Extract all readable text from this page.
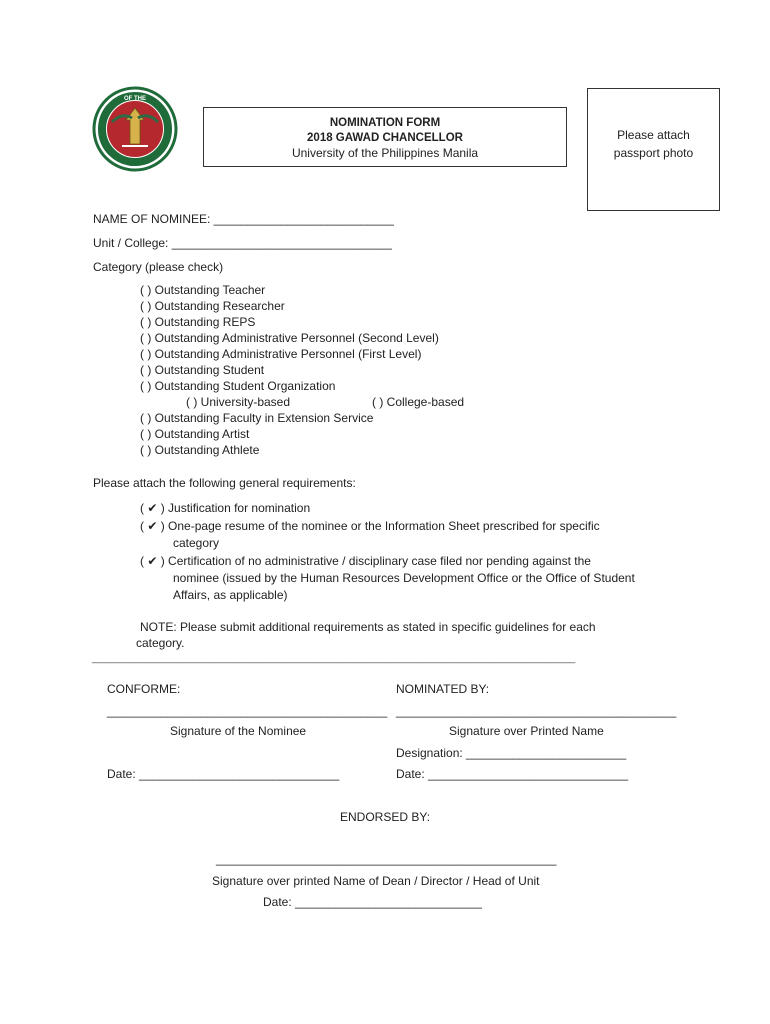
OF THE
1905
NOMINATION FORM
2018 GAWAD CHANCELLOR
University of the Philippines Manila
Please attach
passport photo
NAME OF NOMINEE: ___________________________
Unit / College: _________________________________
Category (please check)
( ) Outstanding Teacher
( ) Outstanding Researcher
( ) Outstanding REPS
( ) Outstanding Administrative Personnel (Second Level)
( ) Outstanding Administrative Personnel (First Level)
( ) Outstanding Student
( ) Outstanding Student Organization
( ) University-based	( ) College-based
( ) Outstanding Faculty in Extension Service
( ) Outstanding Artist
( ) Outstanding Athlete
Please attach the following general requirements:
( ✔ ) Justification for nomination
( ✔ ) One-page resume of the nominee or the Information Sheet prescribed for specific
category
( ✔ ) Certification of no administrative / disciplinary case filed nor pending against the
nominee (issued by the Human Resources Development Office or the Office of Student
Affairs, as applicable)
NOTE: Please submit additional requirements as stated in specific guidelines for each
category.
_______________________________________________________________________________
CONFORME:
__________________________________________
Signature of the Nominee
Date: ______________________________
NOMINATED BY:
__________________________________________
Signature over Printed Name
Designation: ________________________
Date: ______________________________
ENDORSED BY:
___________________________________________________
Signature over printed Name of Dean / Director / Head of Unit
Date: ____________________________
